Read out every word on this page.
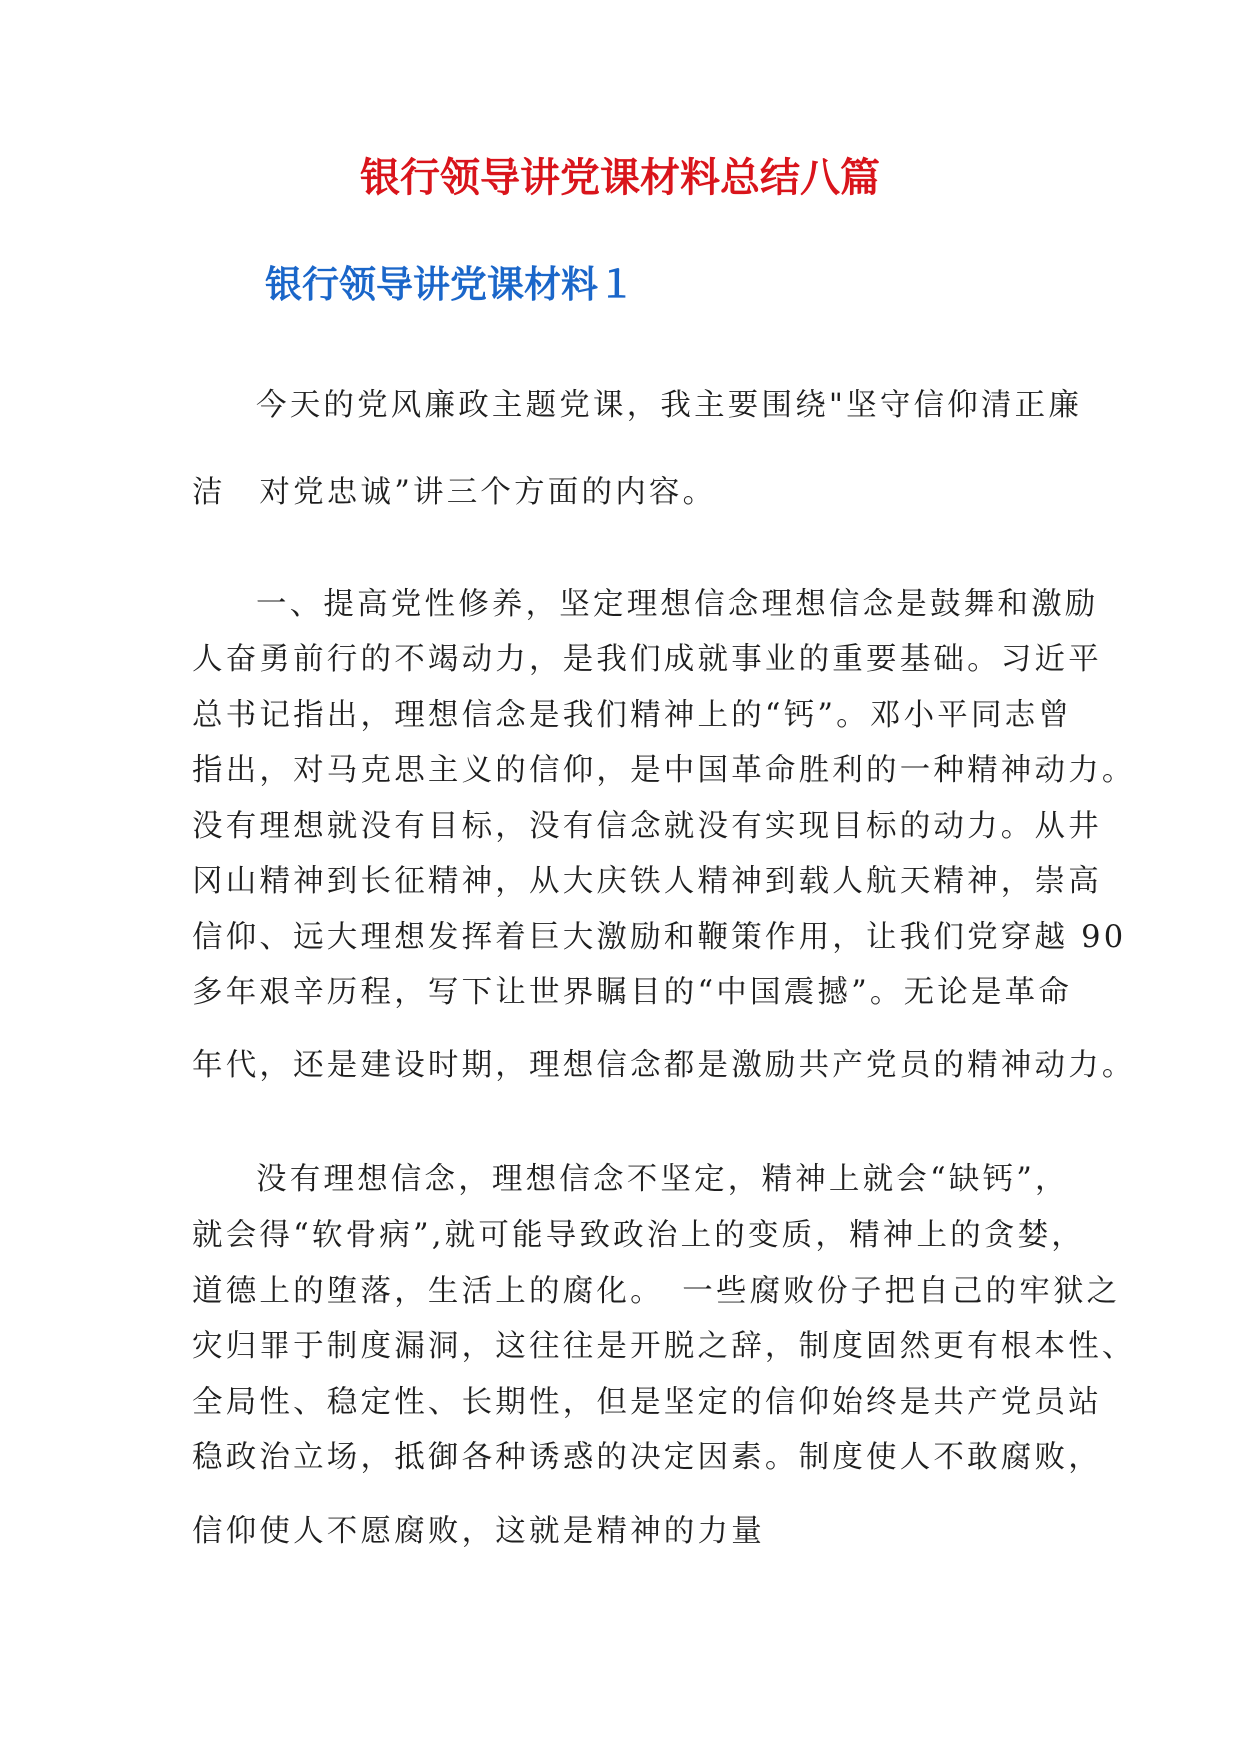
银行领导讲党课材料总结八篇
银行领导讲党课材料１
今天的党风廉政主题党课，我主要围绕"坚守信仰清正廉
洁　对党忠诚”讲三个方面的内容。
一、提高党性修养，坚定理想信念理想信念是鼓舞和激励
人奋勇前行的不竭动力，是我们成就事业的重要基础。习近平
总书记指出，理想信念是我们精神上的“钙”。邓小平同志曾
指出，对马克思主义的信仰，是中国革命胜利的一种精神动力。
没有理想就没有目标，没有信念就没有实现目标的动力。从井
冈山精神到长征精神，从大庆铁人精神到载人航天精神，崇高
信仰、远大理想发挥着巨大激励和鞭策作用，让我们党穿越 90
多年艰辛历程，写下让世界瞩目的“中国震撼”。无论是革命
年代，还是建设时期，理想信念都是激励共产党员的精神动力。
没有理想信念，理想信念不坚定，精神上就会“缺钙”，
就会得“软骨病”,就可能导致政治上的变质，精神上的贪婪，
道德上的堕落，生活上的腐化。　一些腐败份子把自己的牢狱之
灾归罪于制度漏洞，这往往是开脱之辞，制度固然更有根本性、
全局性、稳定性、长期性，但是坚定的信仰始终是共产党员站
稳政治立场，抵御各种诱惑的决定因素。制度使人不敢腐败，
信仰使人不愿腐败，这就是精神的力量
